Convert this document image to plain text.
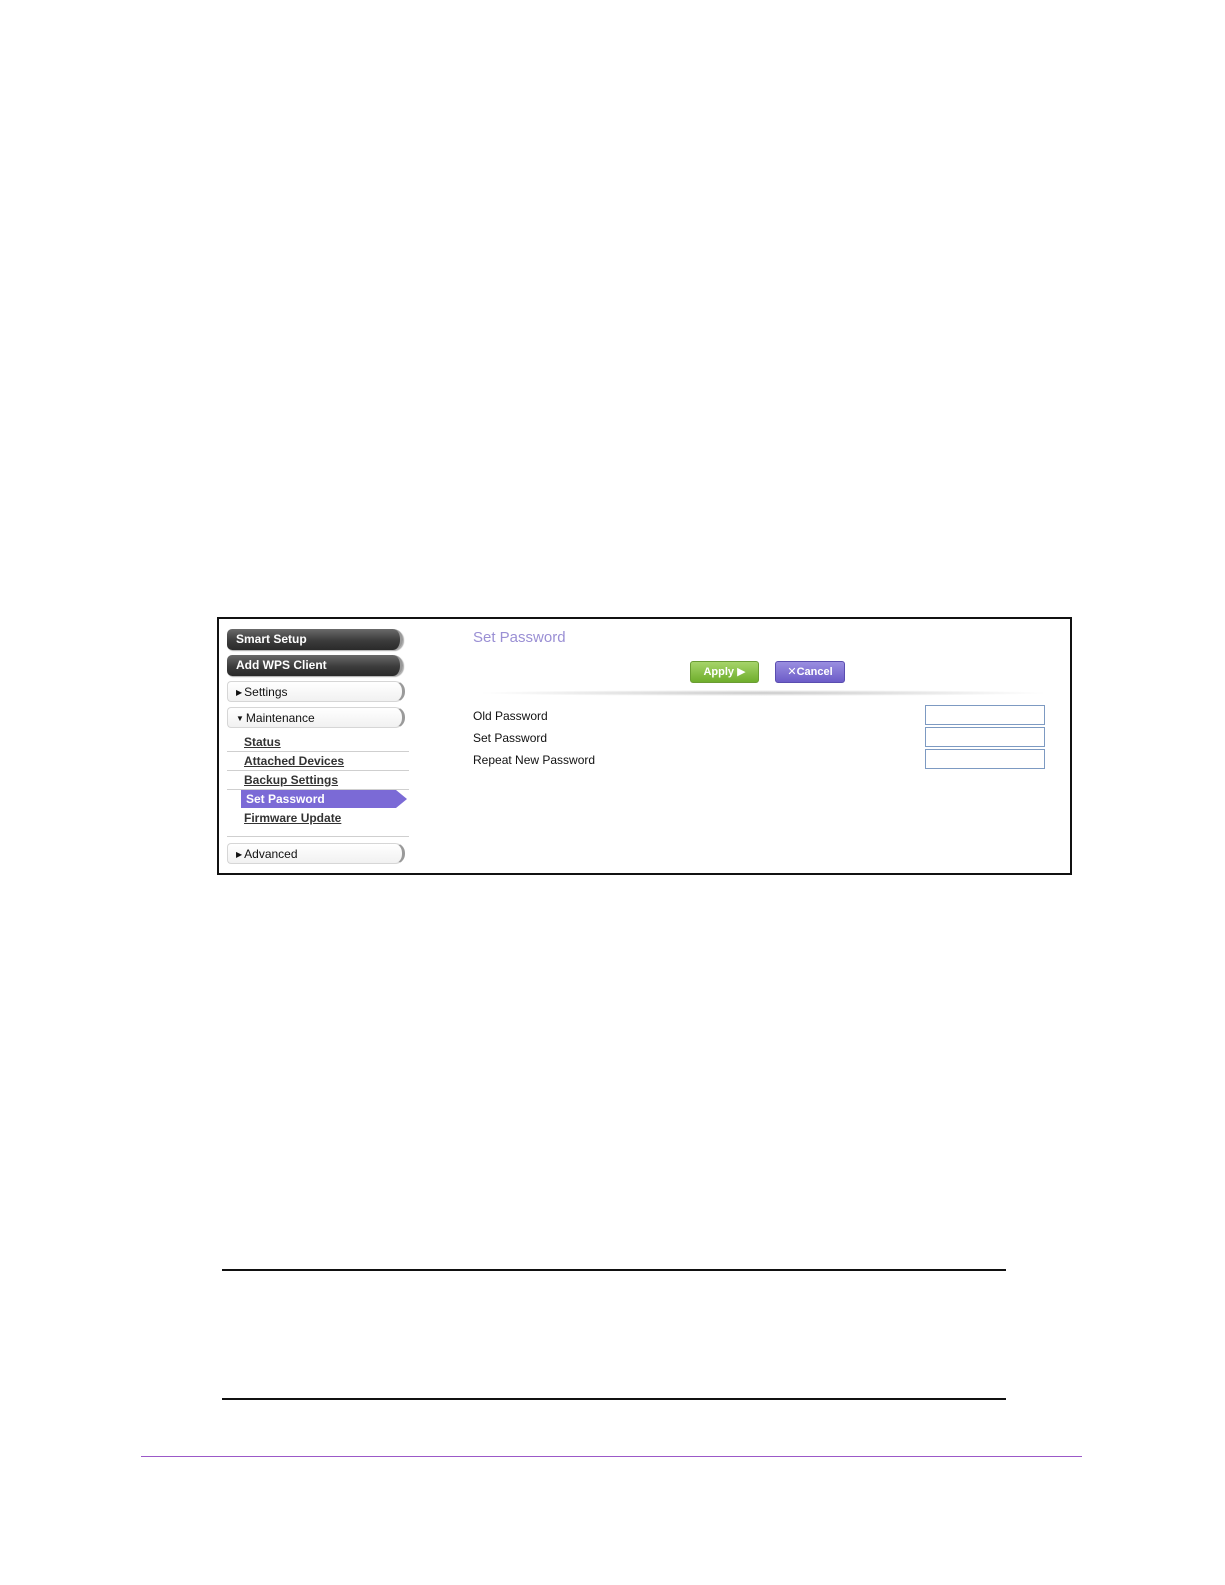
Smart Setup
Add WPS Client
▶ Settings
▼ Maintenance
Status
Attached Devices
Backup Settings
Set Password
Firmware Update
▶ Advanced
Set Password
Apply ▶	✕Cancel
Old Password
Set Password
Repeat New Password
